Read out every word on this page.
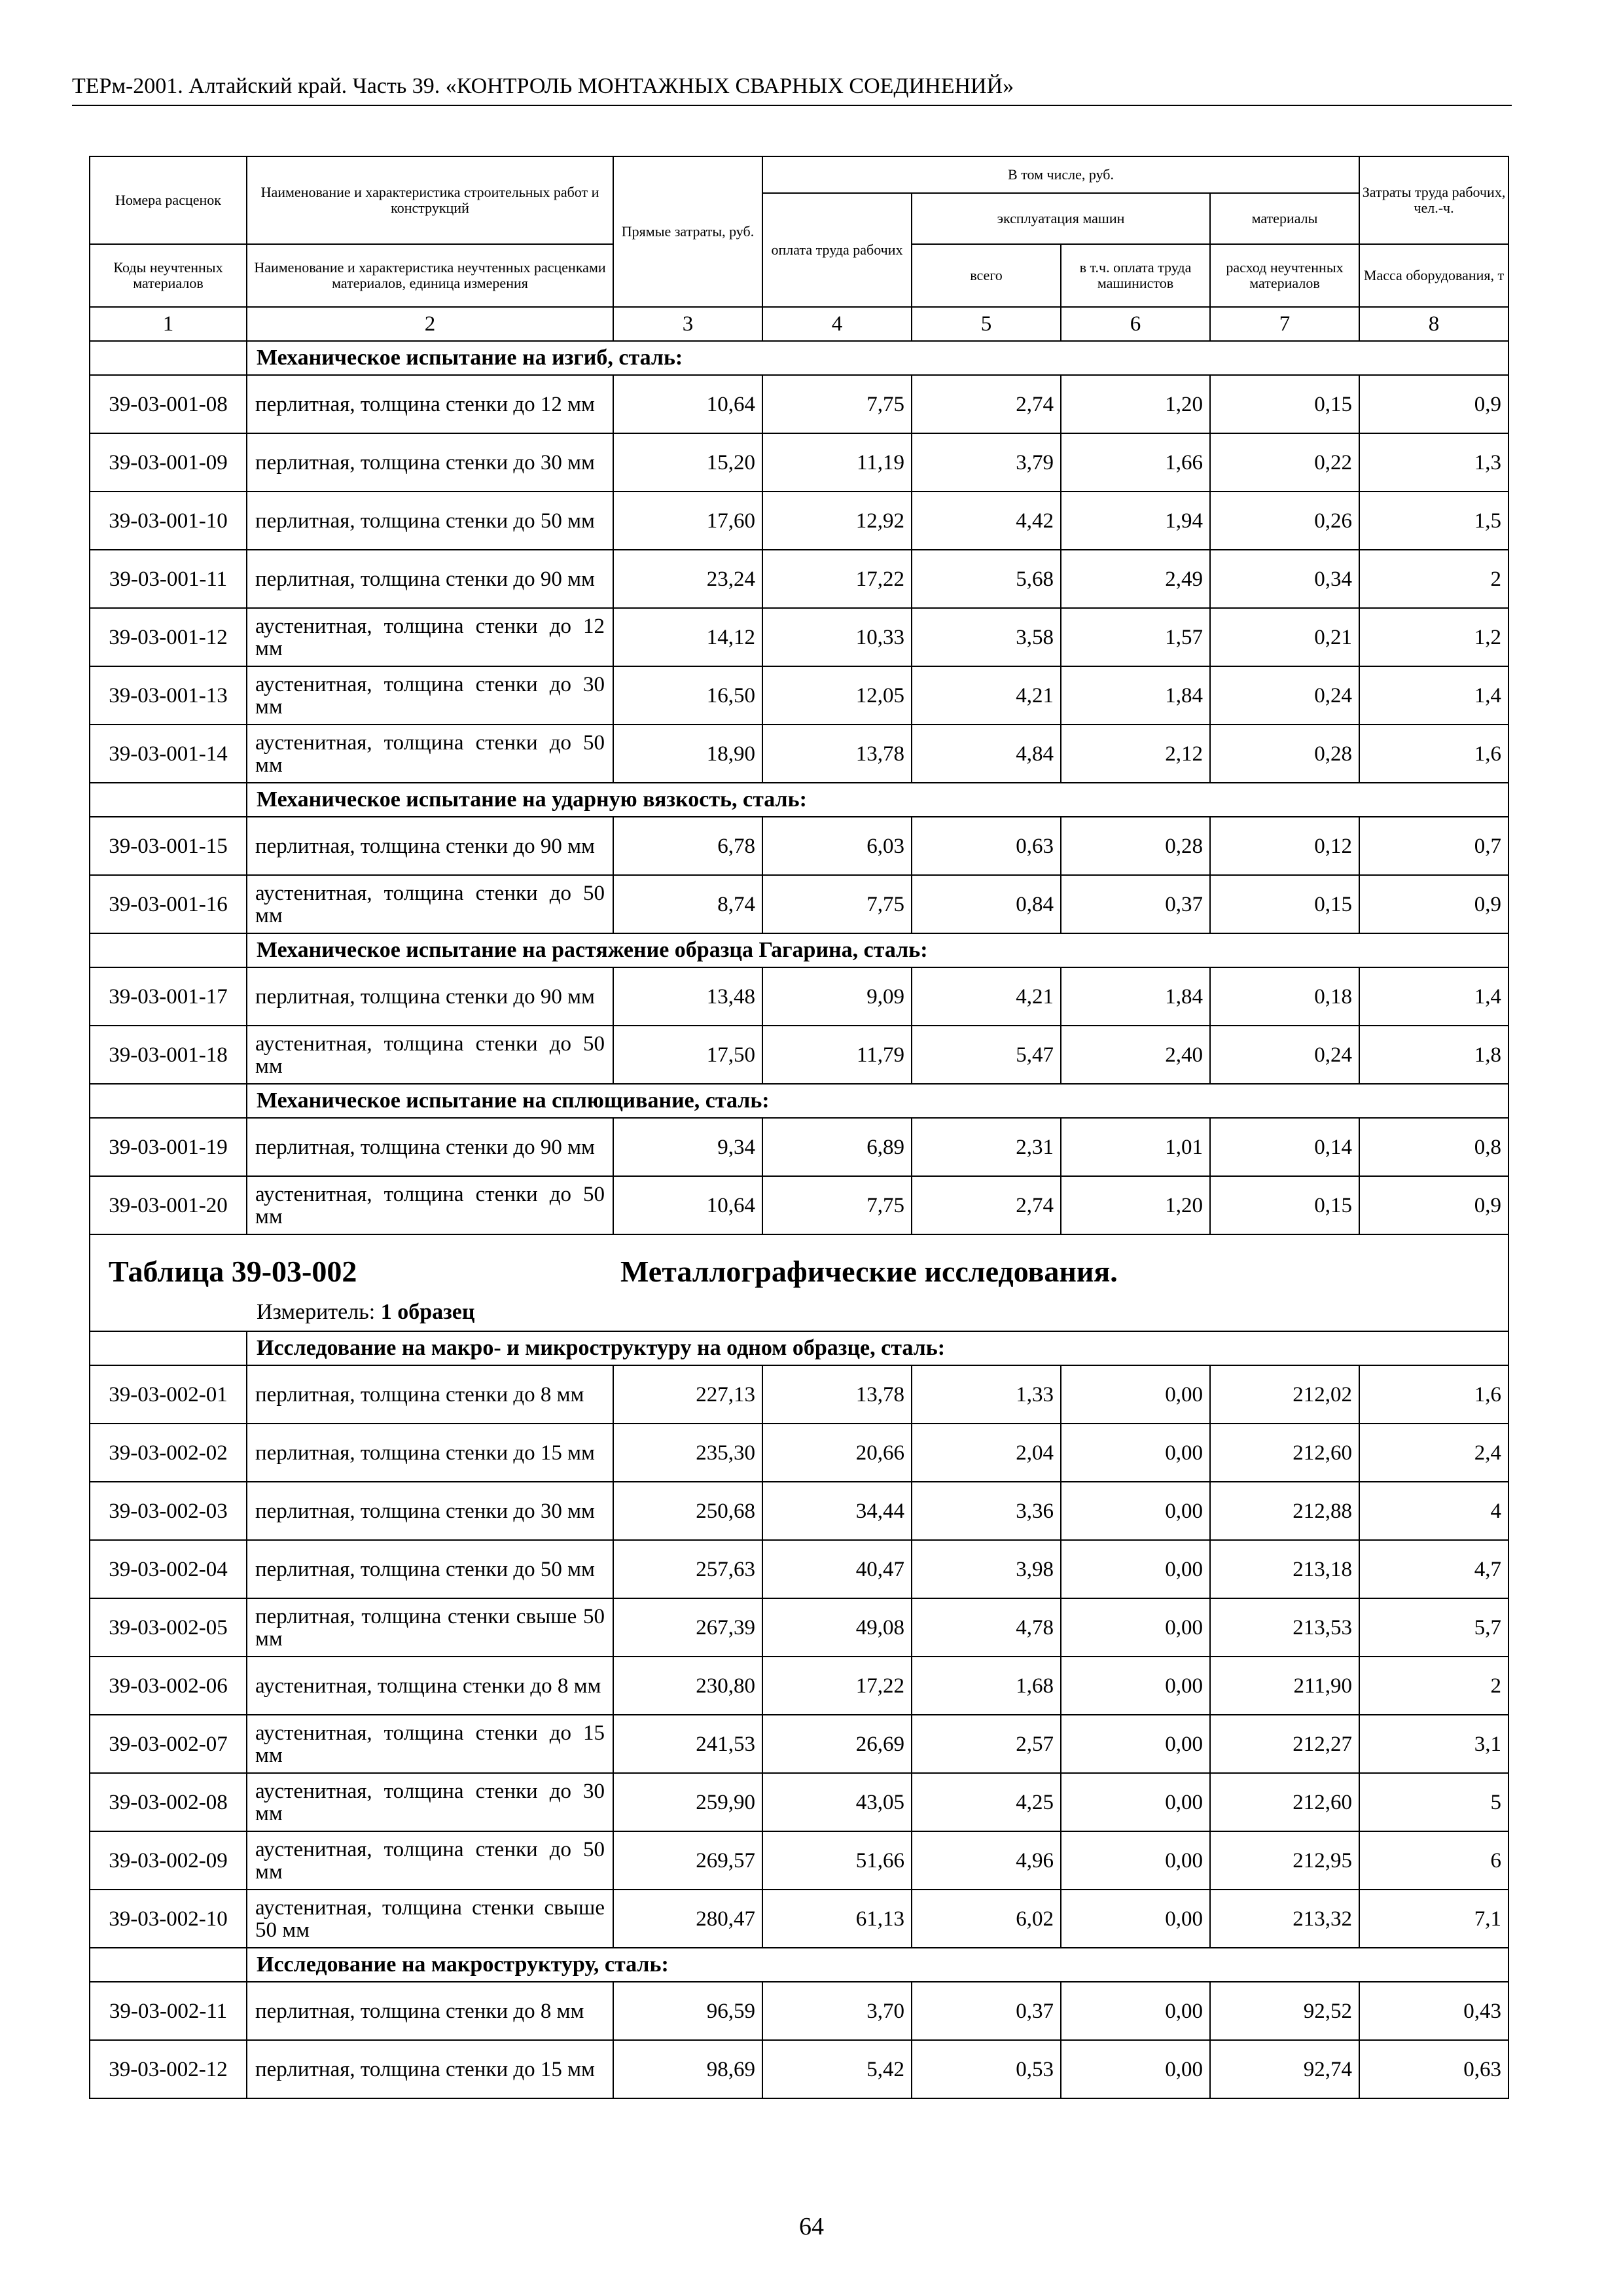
ТЕРм-2001. Алтайский край. Часть 39. «КОНТРОЛЬ МОНТАЖНЫХ СВАРНЫХ СОЕДИНЕНИЙ»
Номера расценок	Наименование и характеристика строительных работ и конструкций	Прямые затраты, руб.	В том числе, руб.				Затраты труда рабочих, чел.-ч.
			оплата труда рабочих	эксплуатация машин		материалы	
Коды неучтенных материалов	Наименование и характеристика неучтенных расценками материалов, единица измерения			всего	в т.ч. оплата труда машинистов	расход неучтенных материалов	Масса оборудования, т
1	2	3	4	5	6	7	8
	Механическое испытание на изгиб, сталь:						
39-03-001-08	перлитная, толщина стенки до 12 мм	10,64	7,75	2,74	1,20	0,15	0,9
39-03-001-09	перлитная, толщина стенки до 30 мм	15,20	11,19	3,79	1,66	0,22	1,3
39-03-001-10	перлитная, толщина стенки до 50 мм	17,60	12,92	4,42	1,94	0,26	1,5
39-03-001-11	перлитная, толщина стенки до 90 мм	23,24	17,22	5,68	2,49	0,34	2
39-03-001-12	аустенитная, толщина стенки до 12 мм	14,12	10,33	3,58	1,57	0,21	1,2
39-03-001-13	аустенитная, толщина стенки до 30 мм	16,50	12,05	4,21	1,84	0,24	1,4
39-03-001-14	аустенитная, толщина стенки до 50 мм	18,90	13,78	4,84	2,12	0,28	1,6
	Механическое испытание на ударную вязкость, сталь:						
39-03-001-15	перлитная, толщина стенки до 90 мм	6,78	6,03	0,63	0,28	0,12	0,7
39-03-001-16	аустенитная, толщина стенки до 50 мм	8,74	7,75	0,84	0,37	0,15	0,9
	Механическое испытание на растяжение образца Гагарина, сталь:						
39-03-001-17	перлитная, толщина стенки до 90 мм	13,48	9,09	4,21	1,84	0,18	1,4
39-03-001-18	аустенитная, толщина стенки до 50 мм	17,50	11,79	5,47	2,40	0,24	1,8
	Механическое испытание на сплющивание, сталь:						
39-03-001-19	перлитная, толщина стенки до 90 мм	9,34	6,89	2,31	1,01	0,14	0,8
39-03-001-20	аустенитная, толщина стенки до 50 мм	10,64	7,75	2,74	1,20	0,15	0,9

Таблица 39-03-002 Металлографические исследования.
Измеритель: 1 образец							

	Исследование на макро- и микроструктуру на одном образце, сталь:						
39-03-002-01	перлитная, толщина стенки до 8 мм	227,13	13,78	1,33	0,00	212,02	1,6
39-03-002-02	перлитная, толщина стенки до 15 мм	235,30	20,66	2,04	0,00	212,60	2,4
39-03-002-03	перлитная, толщина стенки до 30 мм	250,68	34,44	3,36	0,00	212,88	4
39-03-002-04	перлитная, толщина стенки до 50 мм	257,63	40,47	3,98	0,00	213,18	4,7
39-03-002-05	перлитная, толщина стенки свыше 50 мм	267,39	49,08	4,78	0,00	213,53	5,7
39-03-002-06	аустенитная, толщина стенки до 8 мм	230,80	17,22	1,68	0,00	211,90	2
39-03-002-07	аустенитная, толщина стенки до 15 мм	241,53	26,69	2,57	0,00	212,27	3,1
39-03-002-08	аустенитная, толщина стенки до 30 мм	259,90	43,05	4,25	0,00	212,60	5
39-03-002-09	аустенитная, толщина стенки до 50 мм	269,57	51,66	4,96	0,00	212,95	6
39-03-002-10	аустенитная, толщина стенки свыше 50 мм	280,47	61,13	6,02	0,00	213,32	7,1
	Исследование на макроструктуру, сталь:						
39-03-002-11	перлитная, толщина стенки до 8 мм	96,59	3,70	0,37	0,00	92,52	0,43
39-03-002-12	перлитная, толщина стенки до 15 мм	98,69	5,42	0,53	0,00	92,74	0,63
64
